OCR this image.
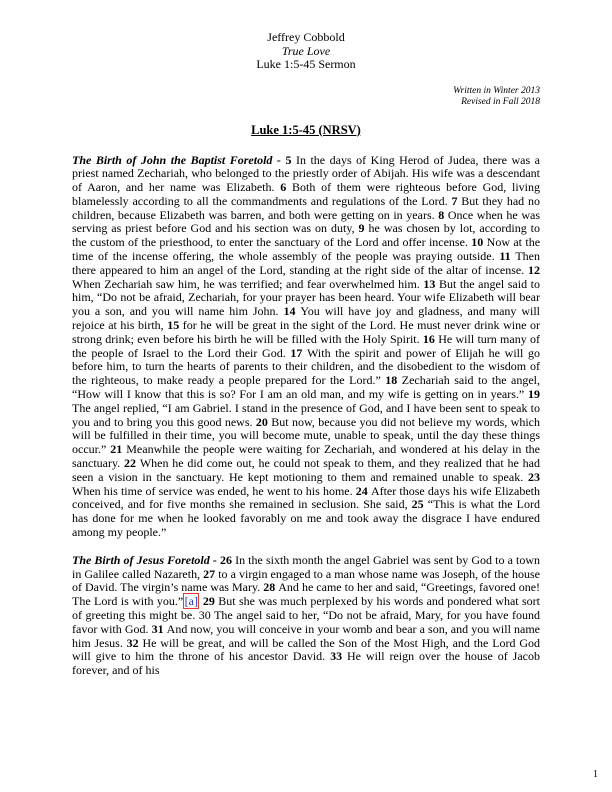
Jeffrey Cobbold
True Love
Luke 1:5-45 Sermon
Written in Winter 2013
Revised in Fall 2018
Luke 1:5-45 (NRSV)

The Birth of John the Baptist Foretold - 5 In the days of King Herod of Judea, there was a priest named Zechariah, who belonged to the priestly order of Abijah. His wife was a descendant of Aaron, and her name was Elizabeth. 6 Both of them were righteous before God, living blamelessly according to all the commandments and regulations of the Lord. 7 But they had no children, because Elizabeth was barren, and both were getting on in years. 8 Once when he was serving as priest before God and his section was on duty, 9 he was chosen by lot, according to the custom of the priesthood, to enter the sanctuary of the Lord and offer incense. 10 Now at the time of the incense offering, the whole assembly of the people was praying outside. 11 Then there appeared to him an angel of the Lord, standing at the right side of the altar of incense. 12 When Zechariah saw him, he was terrified; and fear overwhelmed him. 13 But the angel said to him, “Do not be afraid, Zechariah, for your prayer has been heard. Your wife Elizabeth will bear you a son, and you will name him John. 14 You will have joy and gladness, and many will rejoice at his birth, 15 for he will be great in the sight of the Lord. He must never drink wine or strong drink; even before his birth he will be filled with the Holy Spirit. 16 He will turn many of the people of Israel to the Lord their God. 17 With the spirit and power of Elijah he will go before him, to turn the hearts of parents to their children, and the disobedient to the wisdom of the righteous, to make ready a people prepared for the Lord.” 18 Zechariah said to the angel, “How will I know that this is so? For I am an old man, and my wife is getting on in years.” 19 The angel replied, “I am Gabriel. I stand in the presence of God, and I have been sent to speak to you and to bring you this good news. 20 But now, because you did not believe my words, which will be fulfilled in their time, you will become mute, unable to speak, until the day these things occur.” 21 Meanwhile the people were waiting for Zechariah, and wondered at his delay in the sanctuary. 22 When he did come out, he could not speak to them, and they realized that he had seen a vision in the sanctuary. He kept motioning to them and remained unable to speak. 23 When his time of service was ended, he went to his home. 24 After those days his wife Elizabeth conceived, and for five months she remained in seclusion. She said, 25 “This is what the Lord has done for me when he looked favorably on me and took away the disgrace I have endured among my people.”

The Birth of Jesus Foretold - 26 In the sixth month the angel Gabriel was sent by God to a town in Galilee called Nazareth, 27 to a virgin engaged to a man whose name was Joseph, of the house of David. The virgin’s name was Mary. 28 And he came to her and said, “Greetings, favored one! The Lord is with you.” [a] 29 But she was much perplexed by his words and pondered what sort of greeting this might be. 30 The angel said to her, “Do not be afraid, Mary, for you have found favor with God. 31 And now, you will conceive in your womb and bear a son, and you will name him Jesus. 32 He will be great, and will be called the Son of the Most High, and the Lord God will give to him the throne of his ancestor David. 33 He will reign over the house of Jacob forever, and of his

1
